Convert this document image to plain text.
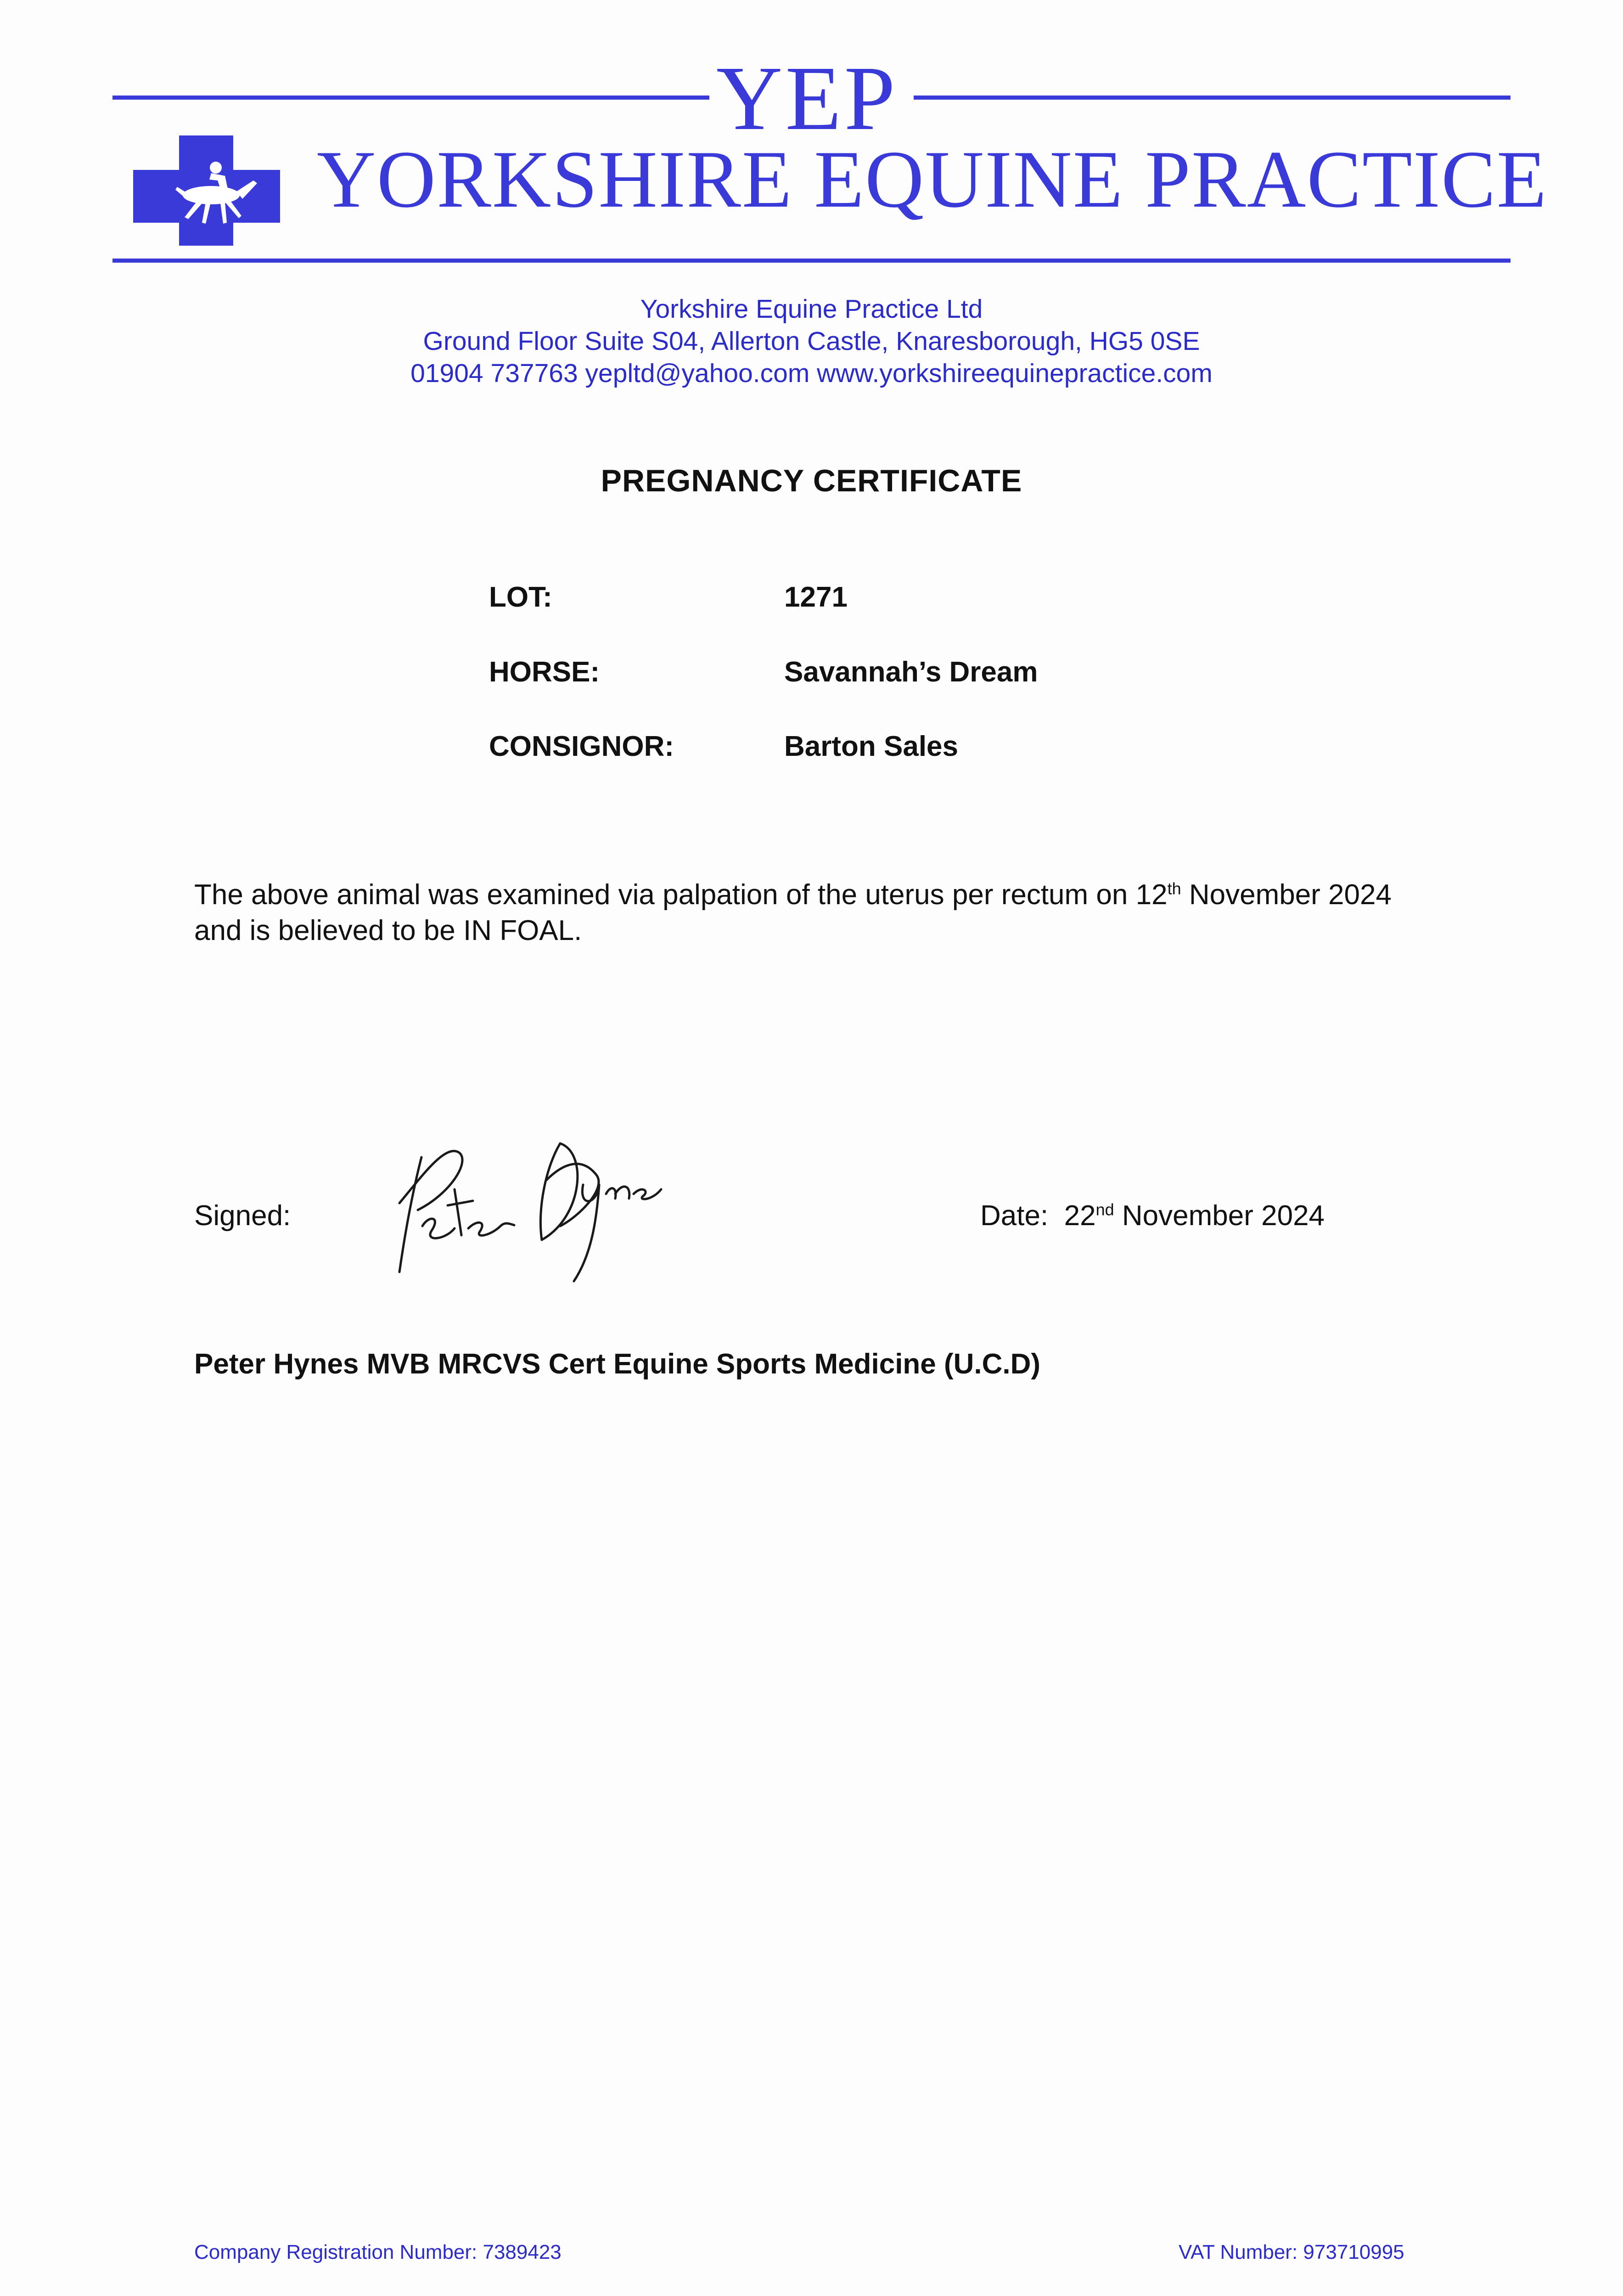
YEP
YORKSHIRE EQUINE PRACTICE
Yorkshire Equine Practice Ltd
Ground Floor Suite S04, Allerton Castle, Knaresborough, HG5 0SE
01904 737763 yepltd@yahoo.com www.yorkshireequinepractice.com
PREGNANCY CERTIFICATE
LOT:	1271
HORSE:	Savannah’s Dream
CONSIGNOR:	Barton Sales
The above animal was examined via palpation of the uterus per rectum on 12th November 2024 and is believed to be IN FOAL.
Signed:	Date: 22nd November 2024
Peter Hynes MVB MRCVS Cert Equine Sports Medicine (U.C.D)
Company Registration Number: 7389423	VAT Number: 973710995
